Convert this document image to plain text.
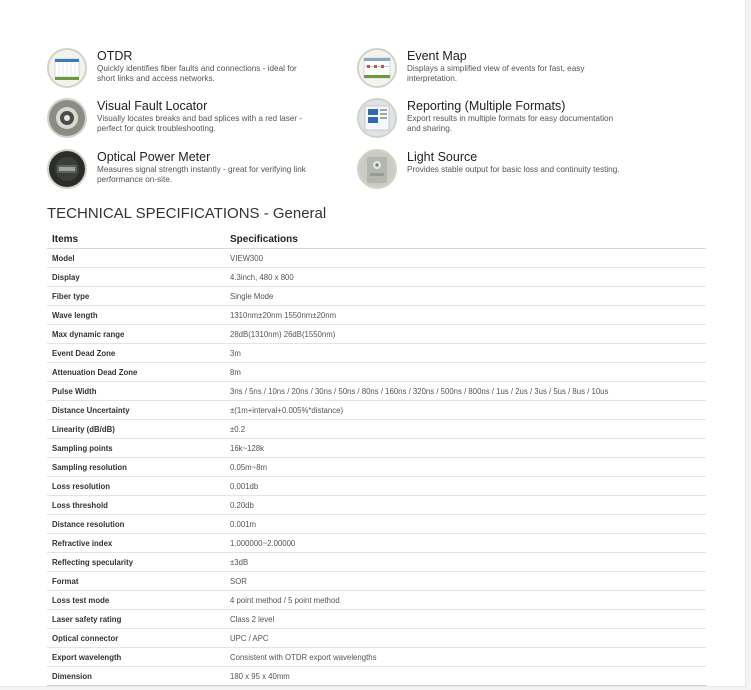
OTDR
Quickly identifies fiber faults and connections - ideal for short links and access networks.
Event Map
Displays a simplified view of events for fast, easy interpretation.
Visual Fault Locator
Visually locates breaks and bad splices with a red laser - perfect for quick troubleshooting.
Reporting (Multiple Formats)
Export results in multiple formats for easy documentation and sharing.
Optical Power Meter
Measures signal strength instantly - great for verifying link performance on-site.
Light Source
Provides stable output for basic loss and continuity testing.
TECHNICAL SPECIFICATIONS - General
Items	Specifications
Model	VIEW300
Display	4.3inch, 480 x 800
Fiber type	Single Mode
Wave length	1310nm±20nm 1550nm±20nm
Max dynamic range	28dB(1310nm) 26dB(1550nm)
Event Dead Zone	3m
Attenuation Dead Zone	8m
Pulse Width	3ns / 5ns / 10ns / 20ns / 30ns / 50ns / 80ns / 160ns / 320ns / 500ns / 800ns / 1us / 2us / 3us / 5us / 8us / 10us
Distance Uncertainty	±(1m+interval+0.005%*distance)
Linearity (dB/dB)	±0.2
Sampling points	16k~128k
Sampling resolution	0.05m~8m
Loss resolution	0.001db
Loss threshold	0.20db
Distance resolution	0.001m
Refractive index	1.000000~2.00000
Reflecting specularity	±3dB
Format	SOR
Loss test mode	4 point method / 5 point method
Laser safety rating	Class 2 level
Optical connector	UPC / APC
Export wavelength	Consistent with OTDR export wavelengths
Dimension	180 x 95 x 40mm
